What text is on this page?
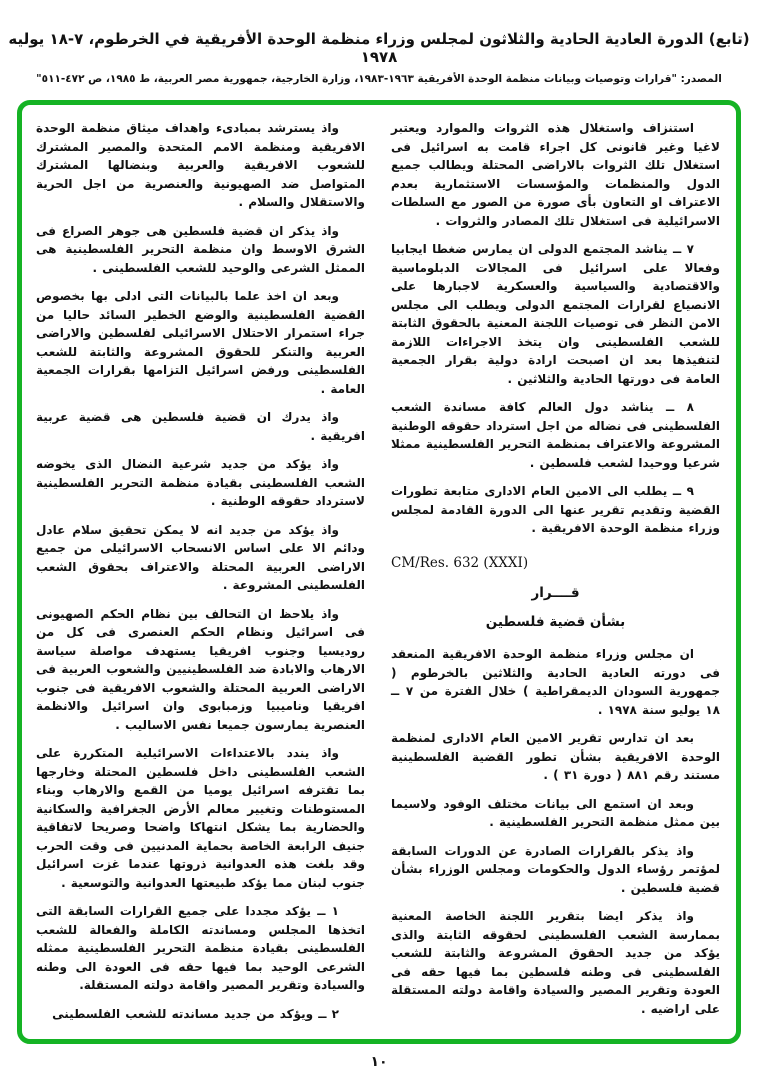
(تابع) الدورة العادية الحادية والثلاثون لمجلس وزراء منظمة الوحدة الأفريقية في الخرطوم، ٧-١٨ يوليه ١٩٧٨
المصدر: "قرارات وتوصيات وبيانات منظمة الوحدة الأفريقية ١٩٦٣-١٩٨٣، وزارة الخارجية، جمهورية مصر العربية، ط ١٩٨٥، ص ٤٧٢-٥١١"

استنزاف واستغلال هذه الثروات والموارد ويعتبر لاغيا وغير قانونى كل اجراء قامت به اسرائيل فى استغلال تلك الثروات بالاراضى المحتلة ويطالب جميع الدول والمنظمات والمؤسسات الاستثمارية بعدم الاعتراف او التعاون بأى صورة من الصور مع السلطات الاسرائيلية فى استغلال تلك المصادر والثروات .

٧ ــ يناشد المجتمع الدولى ان يمارس ضغطا ايجابيا وفعالا على اسرائيل فى المجالات الدبلوماسية والاقتصادية والسياسية والعسكرية لاجبارها على الانصياع لقرارات المجتمع الدولى ويطلب الى مجلس الامن النظر فى توصيات اللجنة المعنية بالحقوق الثابتة للشعب الفلسطينى وان يتخذ الاجراءات اللازمة لتنفيذها بعد ان اصبحت ارادة دولية بقرار الجمعية العامة فى دورتها الحادية والثلاثين .

٨ ــ يناشد دول العالم كافة مساندة الشعب الفلسطينى فى نضاله من اجل استرداد حقوقه الوطنية المشروعة والاعتراف بمنظمة التحرير الفلسطينية ممثلا شرعيا ووحيدا لشعب فلسطين .

٩ ــ يطلب الى الامين العام الادارى متابعة تطورات القضية وتقديم تقرير عنها الى الدورة القادمة لمجلس وزراء منظمة الوحدة الافريقية .

CM/Res. 632 (XXXI)
قــــرار
بشأن قضية فلسطين

ان مجلس وزراء منظمة الوحدة الافريقية المنعقد فى دورته العادية الحادية والثلاثين بالخرطوم ( جمهورية السودان الديمقراطية ) خلال الفترة من ٧ ــ ١٨ يوليو سنة ١٩٧٨ .

بعد ان تدارس تقرير الامين العام الادارى لمنظمة الوحدة الافريقية بشأن تطور القضية الفلسطينية مستند رقم ٨٨١ ( دورة ٣١ ) .

وبعد ان استمع الى بيانات مختلف الوفود ولاسيما بين ممثل منظمة التحرير الفلسطينية .

واذ يذكر بالقرارات الصادرة عن الدورات السابقة لمؤتمر رؤساء الدول والحكومات ومجلس الوزراء بشأن قضية فلسطين .

واذ يذكر ايضا بتقرير اللجنة الخاصة المعنية بممارسة الشعب الفلسطينى لحقوقه الثابتة والذى يؤكد من جديد الحقوق المشروعة والثابتة للشعب الفلسطينى فى وطنه فلسطين بما فيها حقه فى العودة وتقرير المصير والسيادة واقامة دولته المستقلة على اراضيه .

واذ يسترشد بمبادىء واهداف ميثاق منظمة الوحدة الافريقية ومنظمة الامم المتحدة والمصير المشترك للشعوب الافريقية والعربية وبنضالها المشترك المتواصل ضد الصهيونية والعنصرية من اجل الحرية والاستقلال والسلام .

واذ يذكر ان قضية فلسطين هى جوهر الصراع فى الشرق الاوسط وان منظمة التحرير الفلسطينية هى الممثل الشرعى والوحيد للشعب الفلسطينى .

وبعد ان اخذ علما بالبيانات التى ادلى بها بخصوص القضية الفلسطينية والوضع الخطير السائد حاليا من جراء استمرار الاحتلال الاسرائيلى لفلسطين والاراضى العربية والتنكر للحقوق المشروعة والثابتة للشعب الفلسطينى ورفض اسرائيل التزامها بقرارات الجمعية العامة .

واذ يدرك ان قضية فلسطين هى قضية عربية افريقية .

واذ يؤكد من جديد شرعية النضال الذى يخوضه الشعب الفلسطينى بقيادة منظمة التحرير الفلسطينية لاسترداد حقوقه الوطنية .

واذ يؤكد من جديد انه لا يمكن تحقيق سلام عادل ودائم الا على اساس الانسحاب الاسرائيلى من جميع الاراضى العربية المحتلة والاعتراف بحقوق الشعب الفلسطينى المشروعة .

واذ يلاحظ ان التحالف بين نظام الحكم الصهيونى فى اسرائيل ونظام الحكم العنصرى فى كل من روديسيا وجنوب افريقيا يستهدف مواصلة سياسة الارهاب والابادة ضد الفلسطينيين والشعوب العربية فى الاراضى العربية المحتلة والشعوب الافريقية فى جنوب افريقيا وناميبيا وزمبابوى وان اسرائيل والانظمة العنصرية يمارسون جميعا نفس الاساليب .

واذ يندد بالاعتداءات الاسرائيلية المتكررة على الشعب الفلسطينى داخل فلسطين المحتلة وخارجها بما تقترفه اسرائيل يوميا من القمع والارهاب وبناء المستوطنات وتغيير معالم الأرض الجغرافية والسكانية والحضارية بما يشكل انتهاكا واضحا وصريحا لاتفاقية جنيف الرابعة الخاصة بحماية المدنيين فى وقت الحرب وقد بلغت هذه العدوانية ذروتها عندما غزت اسرائيل جنوب لبنان مما يؤكد طبيعتها العدوانية والتوسعية .

١ ــ يؤكد مجددا على جميع القرارات السابقة التى اتخذها المجلس ومساندته الكاملة والفعالة للشعب الفلسطينى بقيادة منظمة التحرير الفلسطينية ممثله الشرعى الوحيد بما فيها حقه فى العودة الى وطنه والسيادة وتقرير المصير واقامة دولته المستقلة.

٢ ــ ويؤكد من جديد مساندته للشعب الفلسطينى

١٠
